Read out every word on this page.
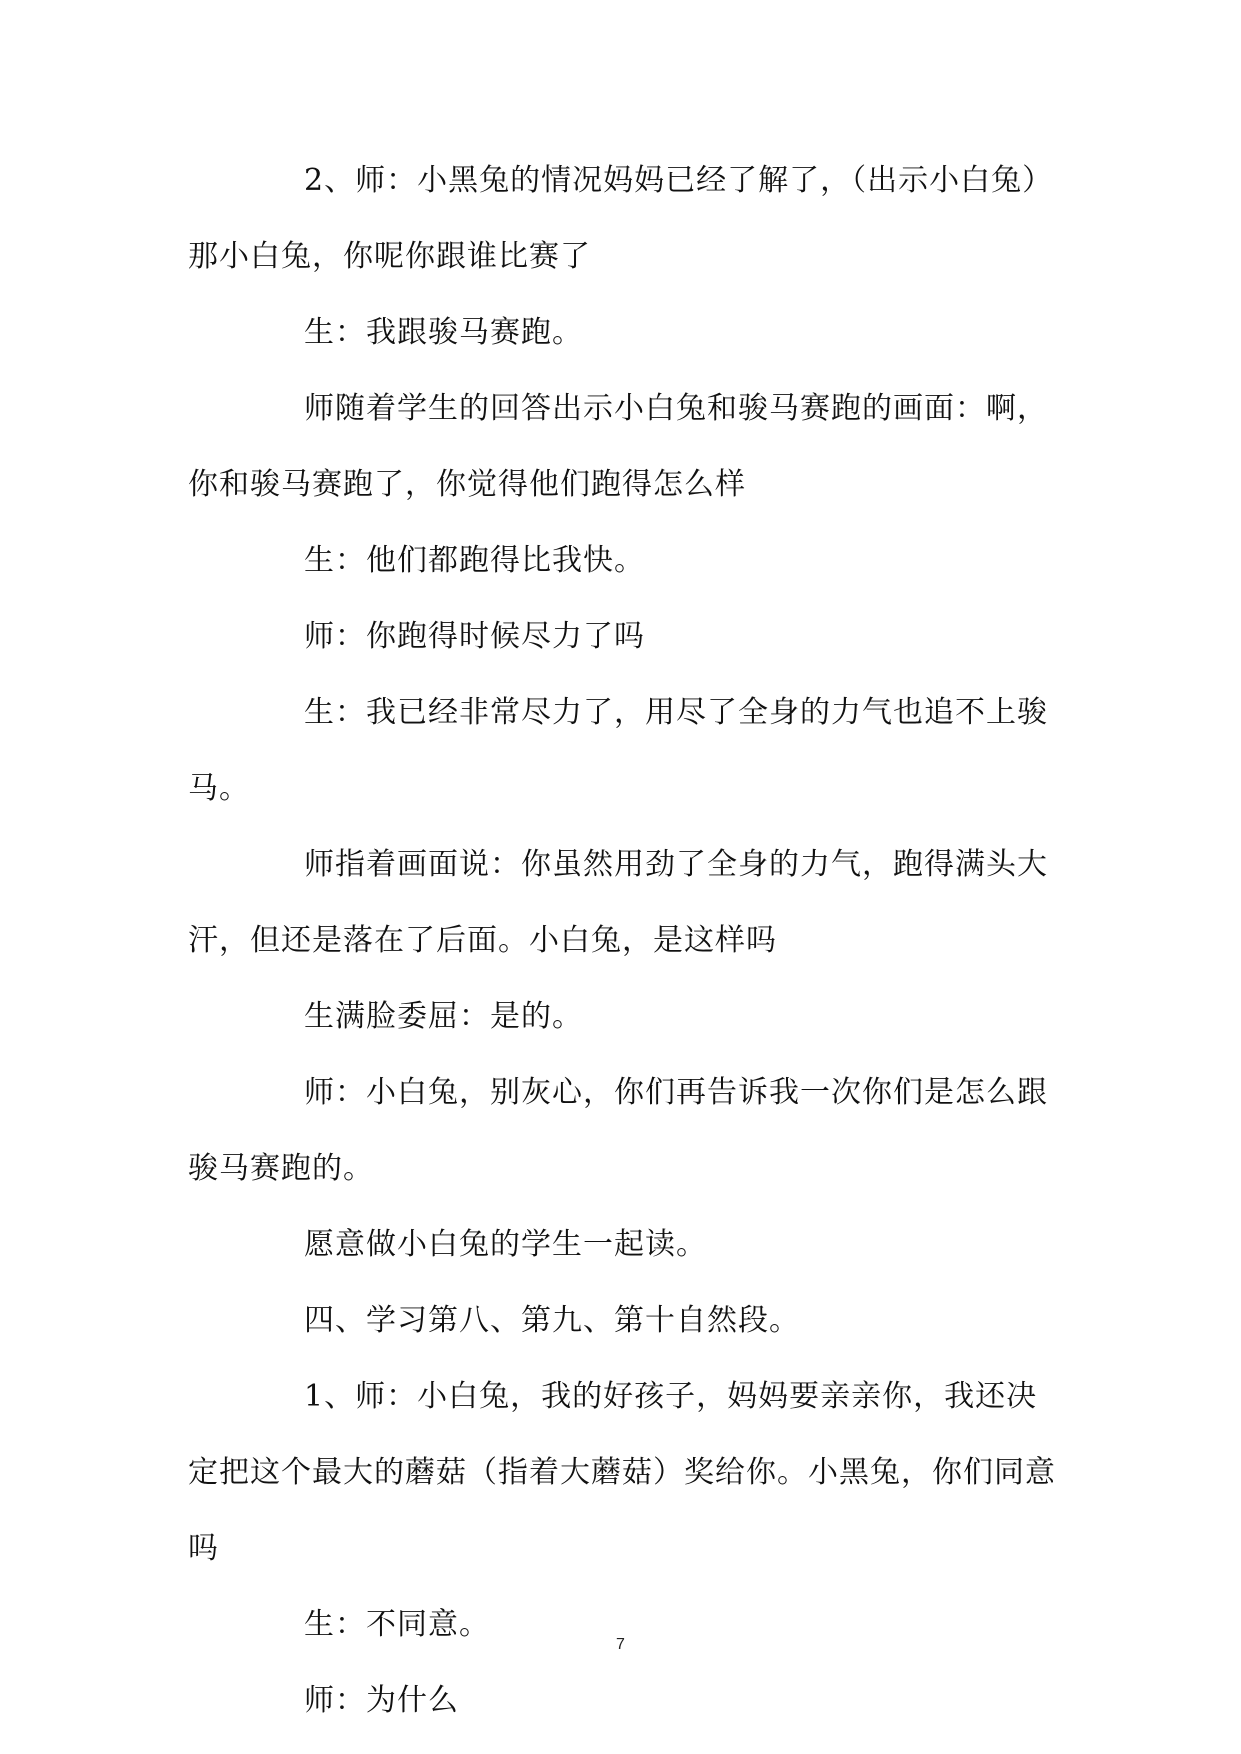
2、师：小黑兔的情况妈妈已经了解了，（出示小白兔）那小白兔，你呢你跟谁比赛了

生：我跟骏马赛跑。

师随着学生的回答出示小白兔和骏马赛跑的画面：啊，你和骏马赛跑了，你觉得他们跑得怎么样

生：他们都跑得比我快。

师：你跑得时候尽力了吗

生：我已经非常尽力了，用尽了全身的力气也追不上骏马。

师指着画面说：你虽然用劲了全身的力气，跑得满头大汗，但还是落在了后面。小白兔，是这样吗

生满脸委屈：是的。

师：小白兔，别灰心，你们再告诉我一次你们是怎么跟骏马赛跑的。

愿意做小白兔的学生一起读。

四、学习第八、第九、第十自然段。

1、师：小白兔，我的好孩子，妈妈要亲亲你，我还决定把这个最大的蘑菇（指着大蘑菇）奖给你。小黑兔，你们同意吗

生：不同意。

师：为什么

7
